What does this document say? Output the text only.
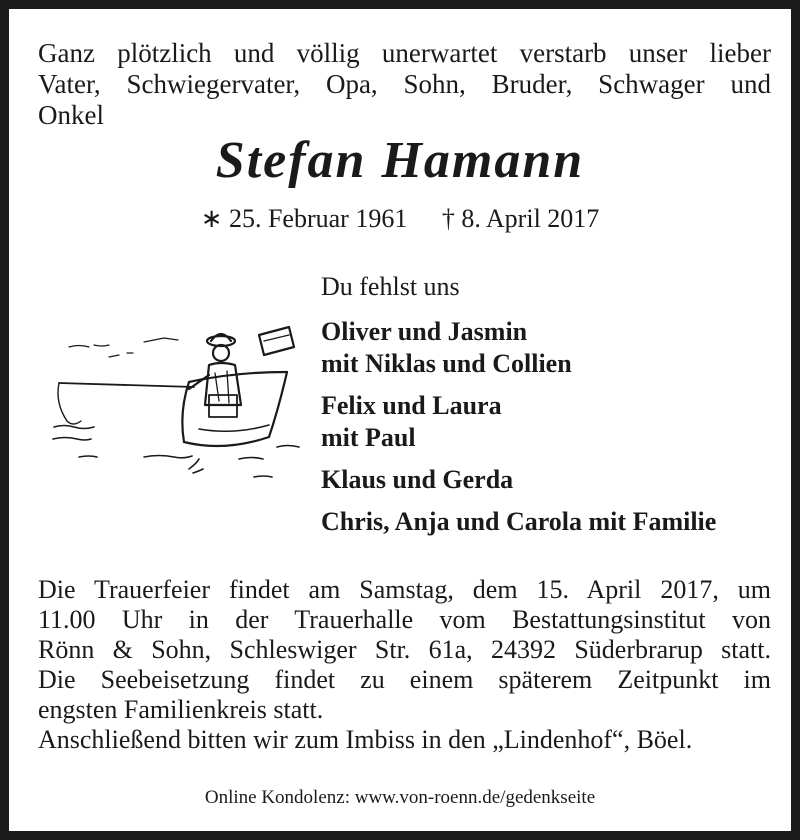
Ganz plötzlich und völlig unerwartet verstarb unser lieber
Vater, Schwiegervater, Opa, Sohn, Bruder, Schwager und
Onkel
Stefan Hamann
∗ 25. Februar 1961 † 8. April 2017
Du fehlst uns
Oliver und Jasmin
mit Niklas und Collien
Felix und Laura
mit Paul
Klaus und Gerda
Chris, Anja und Carola mit Familie
Die Trauerfeier findet am Samstag, dem 15. April 2017, um
11.00 Uhr in der Trauerhalle vom Bestattungsinstitut von
Rönn & Sohn, Schleswiger Str. 61a, 24392 Süderbrarup statt.
Die Seebeisetzung findet zu einem späterem Zeitpunkt im
engsten Familienkreis statt.
Anschließend bitten wir zum Imbiss in den „Lindenhof“, Böel.
Online Kondolenz: www.von-roenn.de/gedenkseite
